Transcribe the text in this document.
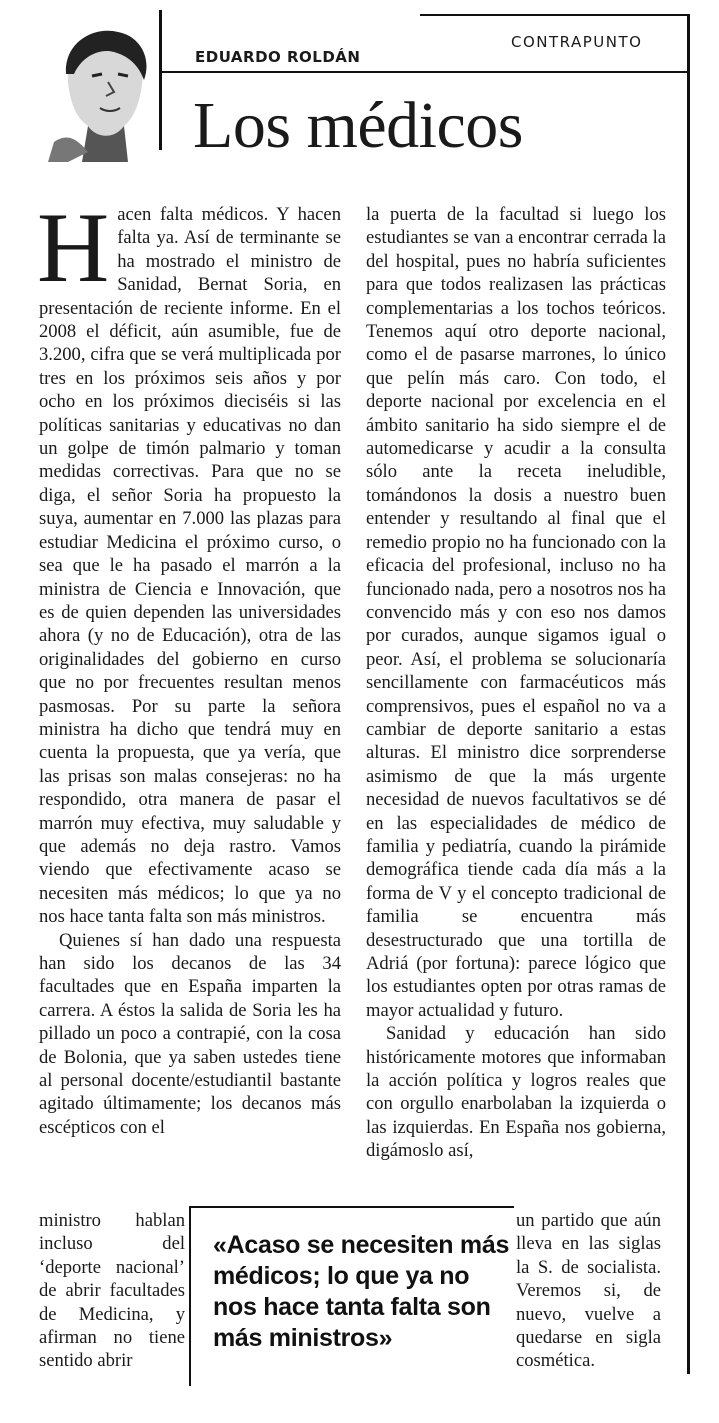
EDUARDO ROLDÁN
CONTRAPUNTO
Los médicos

Hacen falta médicos. Y hacen falta ya. Así de terminante se ha mostrado el ministro de Sanidad, Bernat Soria, en presentación de reciente informe. En el 2008 el déficit, aún asumible, fue de 3.200, cifra que se verá multiplicada por tres en los próximos seis años y por ocho en los próximos dieciséis si las políticas sanitarias y educativas no dan un golpe de timón palmario y toman medidas correctivas. Para que no se diga, el señor Soria ha propuesto la suya, aumentar en 7.000 las plazas para estudiar Medicina el próximo curso, o sea que le ha pasado el marrón a la ministra de Ciencia e Innovación, que es de quien dependen las universidades ahora (y no de Educación), otra de las originalidades del gobierno en curso que no por frecuentes resultan menos pasmosas. Por su parte la señora ministra ha dicho que tendrá muy en cuenta la propuesta, que ya vería, que las prisas son malas consejeras: no ha respondido, otra manera de pasar el marrón muy efectiva, muy saludable y que además no deja rastro. Vamos viendo que efectivamente acaso se necesiten más médicos; lo que ya no nos hace tanta falta son más ministros.

Quienes sí han dado una respuesta han sido los decanos de las 34 facultades que en España imparten la carrera. A éstos la salida de Soria les ha pillado un poco a contrapié, con la cosa de Bolonia, que ya saben ustedes tiene al personal docente/estudiantil bastante agitado últimamente; los decanos más escépticos con el

ministro hablan incluso del ‘deporte nacional’ de abrir facultades de Medicina, y afirman no tiene sentido abrir

la puerta de la facultad si luego los estudiantes se van a encontrar cerrada la del hospital, pues no habría suficientes para que todos realizasen las prácticas complementarias a los tochos teóricos. Tenemos aquí otro deporte nacional, como el de pasarse marrones, lo único que pelín más caro. Con todo, el deporte nacional por excelencia en el ámbito sanitario ha sido siempre el de automedicarse y acudir a la consulta sólo ante la receta ineludible, tomándonos la dosis a nuestro buen entender y resultando al final que el remedio propio no ha funcionado con la eficacia del profesional, incluso no ha funcionado nada, pero a nosotros nos ha convencido más y con eso nos damos por curados, aunque sigamos igual o peor. Así, el problema se solucionaría sencillamente con farmacéuticos más comprensivos, pues el español no va a cambiar de deporte sanitario a estas alturas. El ministro dice sorprenderse asimismo de que la más urgente necesidad de nuevos facultativos se dé en las especialidades de médico de familia y pediatría, cuando la pirámide demográfica tiende cada día más a la forma de V y el concepto tradicional de familia se encuentra más desestructurado que una tortilla de Adriá (por fortuna): parece lógico que los estudiantes opten por otras ramas de mayor actualidad y futuro.

Sanidad y educación han sido históricamente motores que informaban la acción política y logros reales que con orgullo enarbolaban la izquierda o las izquierdas. En España nos gobierna, digámoslo así,

un partido que aún lleva en las siglas la S. de socialista. Veremos si, de nuevo, vuelve a quedarse en sigla cosmética.
«Acaso se necesiten más médicos; lo que ya no nos hace tanta falta son más ministros»
